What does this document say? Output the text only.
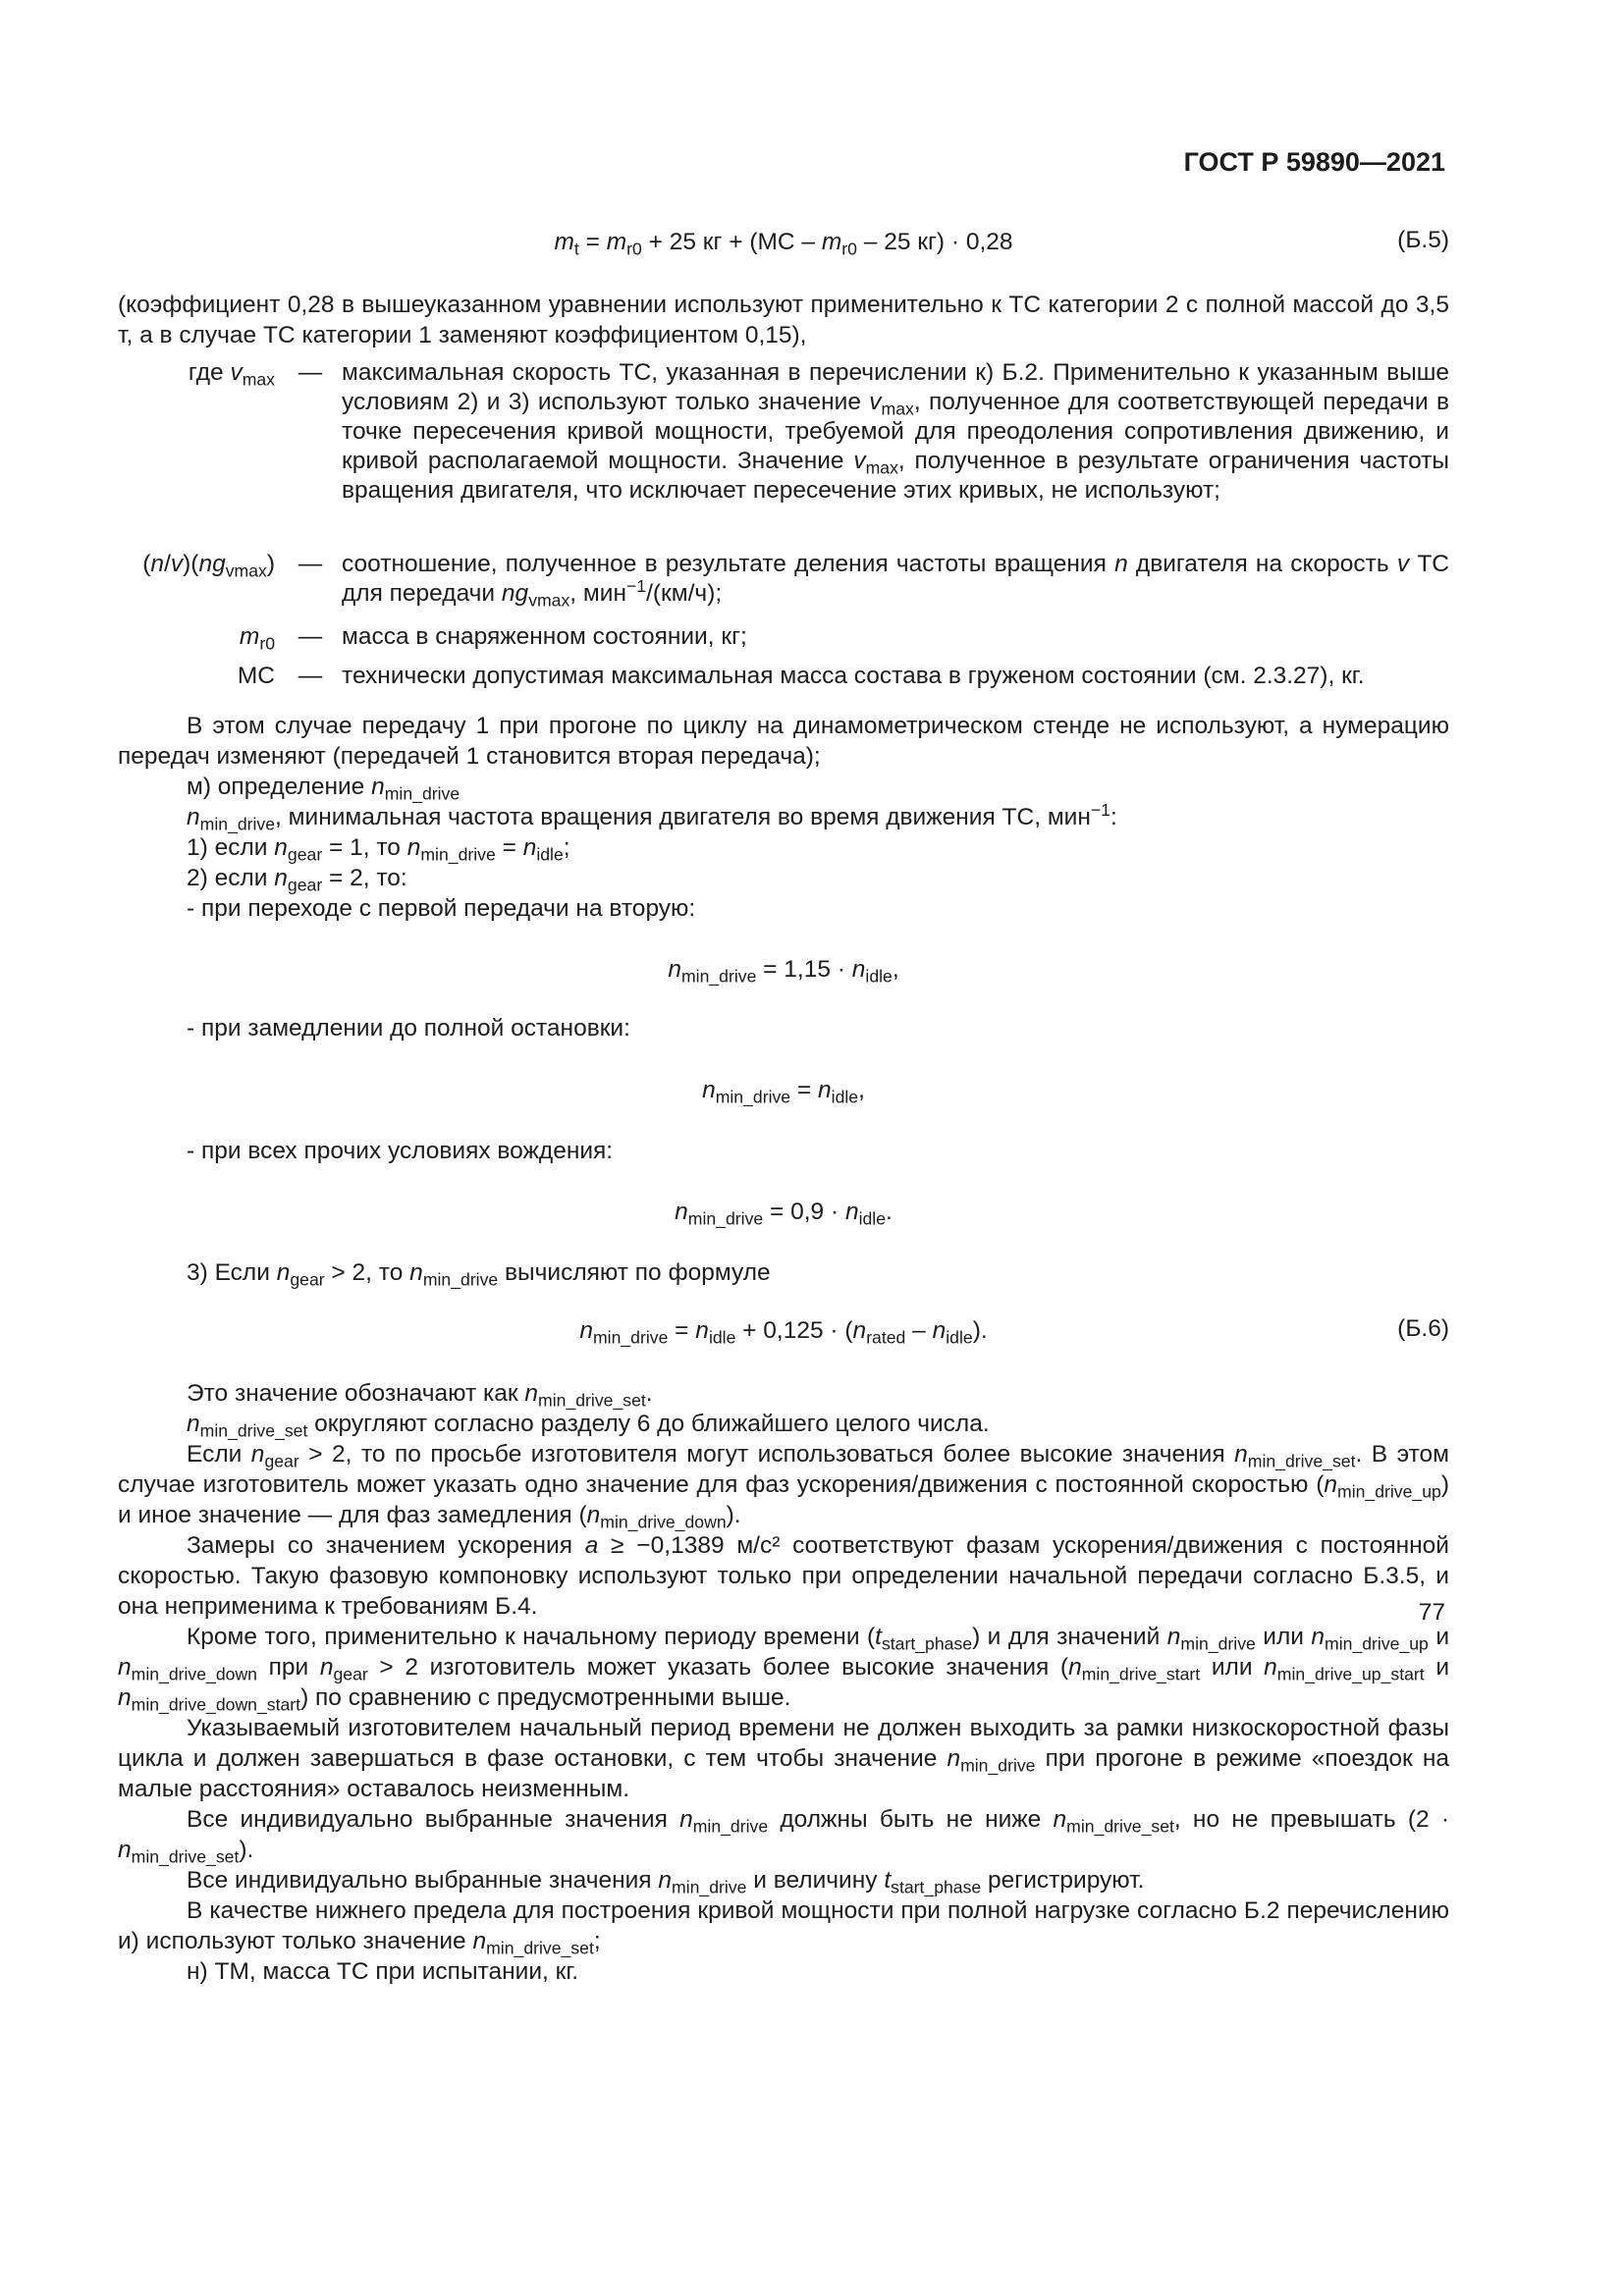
ГОСТ Р 59890—2021
$m_t = m_{r0} + 25$ кг + ($МС - m_{r0} - 25$ кг) · 0,28	(Б.5)
(коэффициент 0,28 в вышеуказанном уравнении используют применительно к ТС категории 2 с полной массой до 3,5 т, а в случае ТС категории 1 заменяют коэффициентом 0,15),
где $v_{max}$ — максимальная скорость ТС, указанная в перечислении к) Б.2. Применительно к указанным выше условиям 2) и 3) используют только значение $v_{max}$, полученное для соответствующей передачи в точке пересечения кривой мощности, требуемой для преодоления сопротивления движению, и кривой располагаемой мощности. Значение $v_{max}$, полученное в результате ограничения частоты вращения двигателя, что исключает пересечение этих кривых, не используют;
$(n/v)(ng_{vmax})$ — соотношение, полученное в результате деления частоты вращения n двигателя на скорость v ТС для передачи $ng_{vmax}$, мин$^{-1}$/(км/ч);
$m_{r0}$ — масса в снаряженном состоянии, кг;
МС — технически допустимая максимальная масса состава в груженом состоянии (см. 2.3.27), кг.
В этом случае передачу 1 при прогоне по циклу на динамометрическом стенде не используют, а нумерацию передач изменяют (передачей 1 становится вторая передача);
м) определение $n_{min\_drive}$
$n_{min\_drive}$, минимальная частота вращения двигателя во время движения ТС, мин$^{-1}$:
1) если $n_{gear} = 1$, то $n_{min\_drive} = n_{idle}$;
2) если $n_{gear} = 2$, то:
- при переходе с первой передачи на вторую:
$n_{min\_drive} = 1,15 \cdot n_{idle}$,
- при замедлении до полной остановки:
$n_{min\_drive} = n_{idle}$,
- при всех прочих условиях вождения:
$n_{min\_drive} = 0,9 \cdot n_{idle}$.
3) Если $n_{gear} > 2$, то $n_{min\_drive}$ вычисляют по формуле
$n_{min\_drive} = n_{idle} + 0,125 \cdot (n_{rated} - n_{idle})$.	(Б.6)
Это значение обозначают как $n_{min\_drive\_set}$.
$n_{min\_drive\_set}$ округляют согласно разделу 6 до ближайшего целого числа.
Если $n_{gear} > 2$, то по просьбе изготовителя могут использоваться более высокие значения $n_{min\_drive\_set}$. В этом случае изготовитель может указать одно значение для фаз ускорения/движения с постоянной скоростью $(n_{min\_drive\_up})$ и иное значение — для фаз замедления $(n_{min\_drive\_down})$.
Замеры со значением ускорения a ≥ −0,1389 м/с² соответствуют фазам ускорения/движения с постоянной скоростью. Такую фазовую компоновку используют только при определении начальной передачи согласно Б.3.5, и она неприменима к требованиям Б.4.
Кроме того, применительно к начальному периоду времени $(t_{start\_phase})$ и для значений $n_{min\_drive}$ или $n_{min\_drive\_up}$ и $n_{min\_drive\_down}$ при $n_{gear} > 2$ изготовитель может указать более высокие значения ($n_{min\_drive\_start}$ или $n_{min\_drive\_up\_start}$ и $n_{min\_drive\_down\_start}$) по сравнению с предусмотренными выше.
Указываемый изготовителем начальный период времени не должен выходить за рамки низкоскоростной фазы цикла и должен завершаться в фазе остановки, с тем чтобы значение $n_{min\_drive}$ при прогоне в режиме «поездок на малые расстояния» оставалось неизменным.
Все индивидуально выбранные значения $n_{min\_drive}$ должны быть не ниже $n_{min\_drive\_set}$, но не превышать $(2 \cdot n_{min\_drive\_set})$.
Все индивидуально выбранные значения $n_{min\_drive}$ и величину $t_{start\_phase}$ регистрируют.
В качестве нижнего предела для построения кривой мощности при полной нагрузке согласно Б.2 перечислению и) используют только значение $n_{min\_drive\_set}$;
н) ТМ, масса ТС при испытании, кг.
77
